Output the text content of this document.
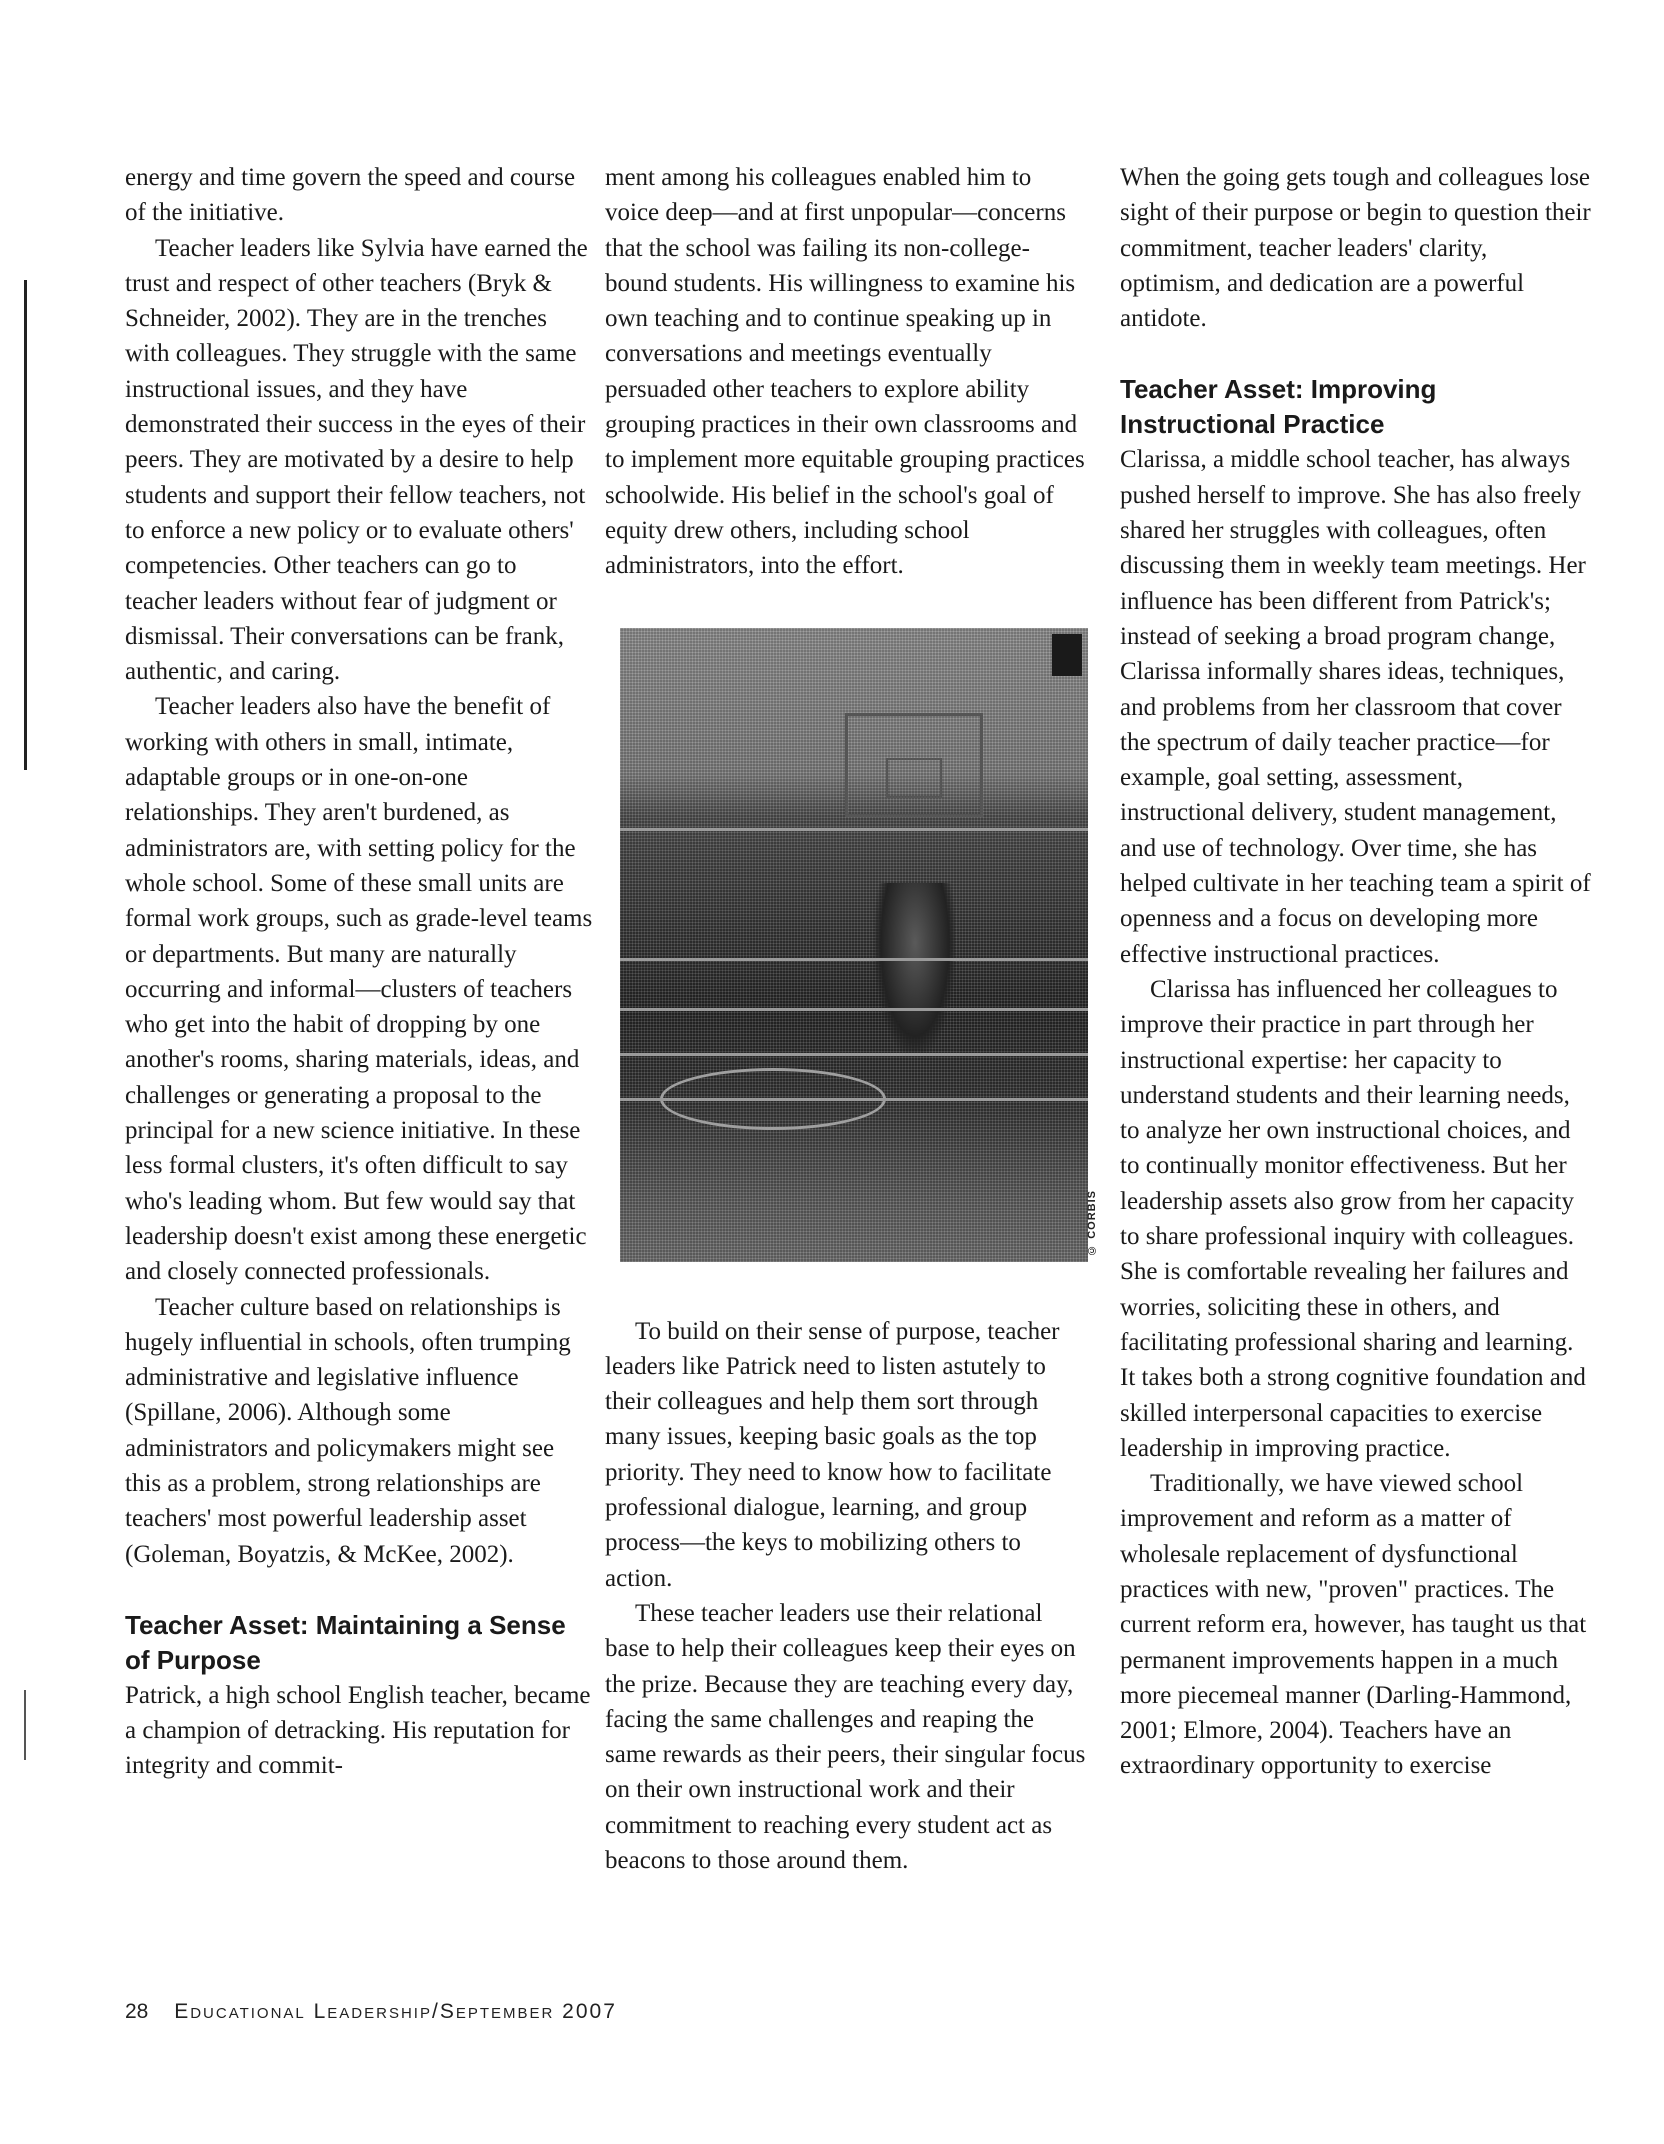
energy and time govern the speed and course of the initiative.

Teacher leaders like Sylvia have earned the trust and respect of other teachers (Bryk & Schneider, 2002). They are in the trenches with colleagues. They struggle with the same instructional issues, and they have demonstrated their success in the eyes of their peers. They are motivated by a desire to help students and support their fellow teachers, not to enforce a new policy or to evaluate others' competencies. Other teachers can go to teacher leaders without fear of judgment or dismissal. Their conversations can be frank, authentic, and caring.

Teacher leaders also have the benefit of working with others in small, intimate, adaptable groups or in one-on-one relationships. They aren't burdened, as administrators are, with setting policy for the whole school. Some of these small units are formal work groups, such as grade-level teams or departments. But many are naturally occurring and informal—clusters of teachers who get into the habit of dropping by one another's rooms, sharing materials, ideas, and challenges or generating a proposal to the principal for a new science initiative. In these less formal clusters, it's often difficult to say who's leading whom. But few would say that leadership doesn't exist among these energetic and closely connected professionals.

Teacher culture based on relationships is hugely influential in schools, often trumping administrative and legislative influence (Spillane, 2006). Although some administrators and policymakers might see this as a problem, strong relationships are teachers' most powerful leadership asset (Goleman, Boyatzis, & McKee, 2002).

Teacher Asset: Maintaining a Sense of Purpose

Patrick, a high school English teacher, became a champion of detracking. His reputation for integrity and commit-

ment among his colleagues enabled him to voice deep—and at first unpopular—concerns that the school was failing its non-college-bound students. His willingness to examine his own teaching and to continue speaking up in conversations and meetings eventually persuaded other teachers to explore ability grouping practices in their own classrooms and to implement more equitable grouping practices schoolwide. His belief in the school's goal of equity drew others, including school administrators, into the effort.

© CORBIS

To build on their sense of purpose, teacher leaders like Patrick need to listen astutely to their colleagues and help them sort through many issues, keeping basic goals as the top priority. They need to know how to facilitate professional dialogue, learning, and group process—the keys to mobilizing others to action.

These teacher leaders use their relational base to help their colleagues keep their eyes on the prize. Because they are teaching every day, facing the same challenges and reaping the same rewards as their peers, their singular focus on their own instructional work and their commitment to reaching every student act as beacons to those around them.

When the going gets tough and colleagues lose sight of their purpose or begin to question their commitment, teacher leaders' clarity, optimism, and dedication are a powerful antidote.

Teacher Asset: Improving Instructional Practice

Clarissa, a middle school teacher, has always pushed herself to improve. She has also freely shared her struggles with colleagues, often discussing them in weekly team meetings. Her influence has been different from Patrick's; instead of seeking a broad program change, Clarissa informally shares ideas, techniques, and problems from her classroom that cover the spectrum of daily teacher practice—for example, goal setting, assessment, instructional delivery, student management, and use of technology. Over time, she has helped cultivate in her teaching team a spirit of openness and a focus on developing more effective instructional practices.

Clarissa has influenced her colleagues to improve their practice in part through her instructional expertise: her capacity to understand students and their learning needs, to analyze her own instructional choices, and to continually monitor effectiveness. But her leadership assets also grow from her capacity to share professional inquiry with colleagues. She is comfortable revealing her failures and worries, soliciting these in others, and facilitating professional sharing and learning. It takes both a strong cognitive foundation and skilled interpersonal capacities to exercise leadership in improving practice.

Traditionally, we have viewed school improvement and reform as a matter of wholesale replacement of dysfunctional practices with new, "proven" practices. The current reform era, however, has taught us that permanent improvements happen in a much more piecemeal manner (Darling-Hammond, 2001; Elmore, 2004). Teachers have an extraordinary opportunity to exercise

28 Educational Leadership/September 2007
